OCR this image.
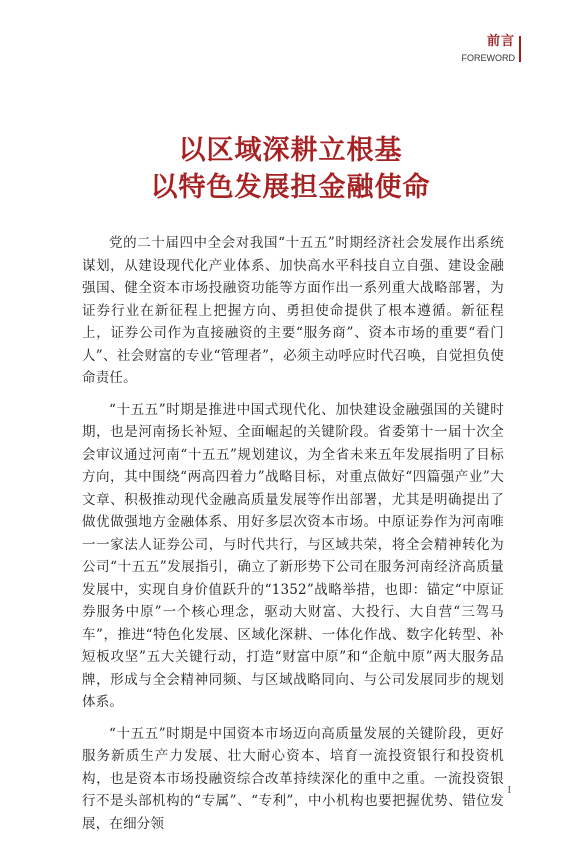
前言
FOREWORD
以区域深耕立根基
以特色发展担金融使命

党的二十届四中全会对我国“十五五”时期经济社会发展作出系统谋划，从建设现代化产业体系、加快高水平科技自立自强、建设金融强国、健全资本市场投融资功能等方面作出一系列重大战略部署，为证券行业在新征程上把握方向、勇担使命提供了根本遵循。新征程上，证券公司作为直接融资的主要“服务商”、资本市场的重要“看门人”、社会财富的专业“管理者”，必须主动呼应时代召唤，自觉担负使命责任。

“十五五”时期是推进中国式现代化、加快建设金融强国的关键时期，也是河南扬长补短、全面崛起的关键阶段。省委第十一届十次全会审议通过河南“十五五”规划建议，为全省未来五年发展指明了目标方向，其中围绕“两高四着力”战略目标，对重点做好“四篇强产业”大文章、积极推动现代金融高质量发展等作出部署，尤其是明确提出了做优做强地方金融体系、用好多层次资本市场。中原证券作为河南唯一一家法人证券公司，与时代共行，与区域共荣，将全会精神转化为公司“十五五”发展指引，确立了新形势下公司在服务河南经济高质量发展中，实现自身价值跃升的“1352”战略举措，也即：锚定“中原证券服务中原”一个核心理念，驱动大财富、大投行、大自营“三驾马车”，推进“特色化发展、区域化深耕、一体化作战、数字化转型、补短板攻坚”五大关键行动，打造“财富中原”和“企航中原”两大服务品牌，形成与全会精神同频、与区域战略同向、与公司发展同步的规划体系。

“十五五”时期是中国资本市场迈向高质量发展的关键阶段，更好服务新质生产力发展、壮大耐心资本、培育一流投资银行和投资机构，也是资本市场投融资综合改革持续深化的重中之重。一流投资银行不是头部机构的“专属”、“专利”，中小机构也要把握优势、错位发展，在细分领

I
